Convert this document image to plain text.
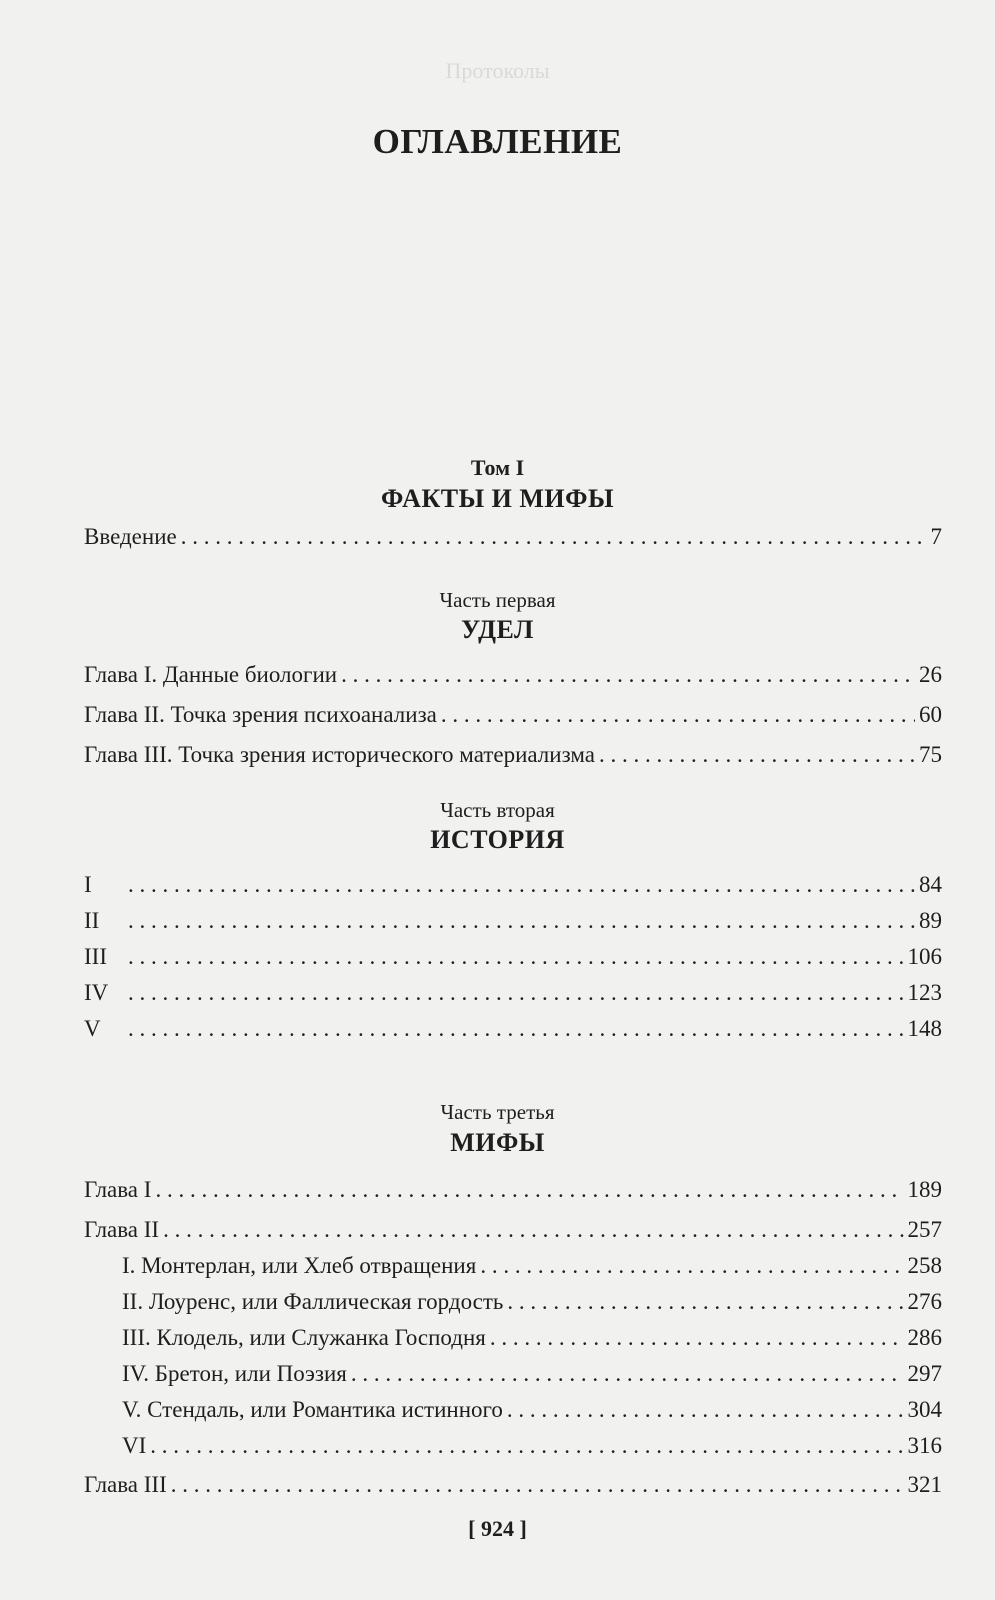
Протоколы
ОГЛАВЛЕНИЕ
Том I
ФАКТЫ И МИФЫ
Введение . . .	7
Часть первая
УДЕЛ
Глава I. Данные биологии . . .	26
Глава II. Точка зрения психоанализа . . .	60
Глава III. Точка зрения исторического материализма . . .	75
Часть вторая
ИСТОРИЯ
I . . .	84
II . . .	89
III . . .	106
IV . . .	123
V . . .	148
Часть третья
МИФЫ
Глава I . . .	189
Глава II . . .	257
I. Монтерлан, или Хлеб отвращения . . .	258
II. Лоуренс, или Фаллическая гордость . . .	276
III. Клодель, или Служанка Господня . . .	286
IV. Бретон, или Поэзия . . .	297
V. Стендаль, или Романтика истинного . . .	304
VI . . .	316
Глава III . . .	321
[ 924 ]
